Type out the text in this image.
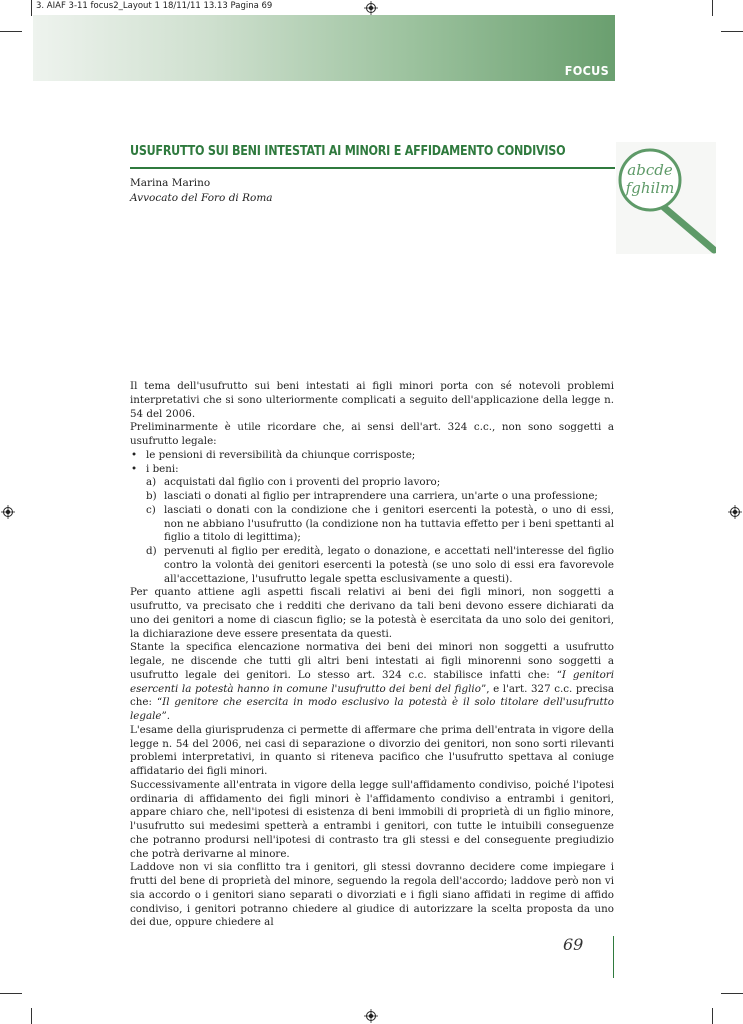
3. AIAF 3-11 focus2_Layout 1 18/11/11 13.13 Pagina 69
FOCUS
USUFRUTTO SUI BENI INTESTATI AI MINORI E AFFIDAMENTO CONDIVISO
Marina Marino
Avvocato del Foro di Roma
abcde
fghilm

Il tema dell'usufrutto sui beni intestati ai figli minori porta con sé notevoli problemi interpretativi che si sono ulteriormente complicati a seguito dell'applicazione della legge n. 54 del 2006.

Preliminarmente è utile ricordare che, ai sensi dell'art. 324 c.c., non sono soggetti a usufrutto legale:

• le pensioni di reversibilità da chiunque corrisposte;
• i beni:
a) acquistati dal figlio con i proventi del proprio lavoro;
b) lasciati o donati al figlio per intraprendere una carriera, un'arte o una professione;
c) lasciati o donati con la condizione che i genitori esercenti la potestà, o uno di essi, non ne abbiano l'usufrutto (la condizione non ha tuttavia effetto per i beni spettanti al figlio a titolo di legittima);
d) pervenuti al figlio per eredità, legato o donazione, e accettati nell'interesse del figlio contro la volontà dei genitori esercenti la potestà (se uno solo di essi era favorevole all'accettazione, l'usufrutto legale spetta esclusivamente a questi).

Per quanto attiene agli aspetti fiscali relativi ai beni dei figli minori, non soggetti a usufrutto, va precisato che i redditi che derivano da tali beni devono essere dichiarati da uno dei genitori a nome di ciascun figlio; se la potestà è esercitata da uno solo dei genitori, la dichiarazione deve essere presentata da questi.

Stante la specifica elencazione normativa dei beni dei minori non soggetti a usufrutto legale, ne discende che tutti gli altri beni intestati ai figli minorenni sono soggetti a usufrutto legale dei genitori. Lo stesso art. 324 c.c. stabilisce infatti che: “I genitori esercenti la potestà hanno in comune l'usufrutto dei beni del figlio”, e l'art. 327 c.c. precisa che: “Il genitore che esercita in modo esclusivo la potestà è il solo titolare dell'usufrutto legale”.

L'esame della giurisprudenza ci permette di affermare che prima dell'entrata in vigore della legge n. 54 del 2006, nei casi di separazione o divorzio dei genitori, non sono sorti rilevanti problemi interpretativi, in quanto si riteneva pacifico che l'usufrutto spettava al coniuge affidatario dei figli minori.

Successivamente all'entrata in vigore della legge sull'affidamento condiviso, poiché l'ipotesi ordinaria di affidamento dei figli minori è l'affidamento condiviso a entrambi i genitori, appare chiaro che, nell'ipotesi di esistenza di beni immobili di proprietà di un figlio minore, l'usufrutto sui medesimi spetterà a entrambi i genitori, con tutte le intuibili conseguenze che potranno prodursi nell'ipotesi di contrasto tra gli stessi e del conseguente pregiudizio che potrà derivarne al minore.

Laddove non vi sia conflitto tra i genitori, gli stessi dovranno decidere come impiegare i frutti del bene di proprietà del minore, seguendo la regola dell'accordo; laddove però non vi sia accordo o i genitori siano separati o divorziati e i figli siano affidati in regime di affido condiviso, i genitori potranno chiedere al giudice di autorizzare la scelta proposta da uno dei due, oppure chiedere al

69
